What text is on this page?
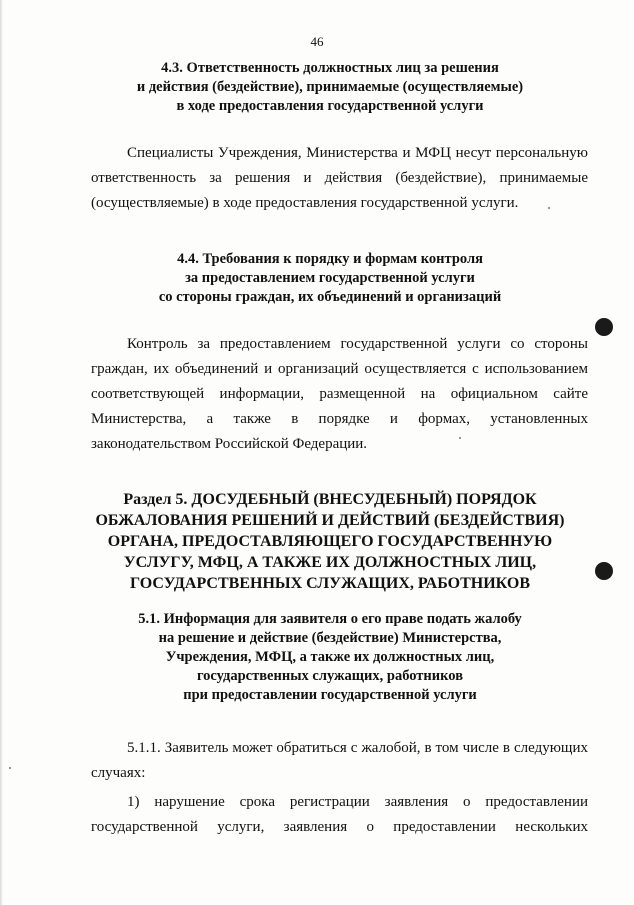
46
4.3. Ответственность должностных лиц за решения
и действия (бездействие), принимаемые (осуществляемые)
в ходе предоставления государственной услуги
Специалисты Учреждения, Министерства и МФЦ несут персональную
ответственность за решения и действия (бездействие), принимаемые
(осуществляемые) в ходе предоставления государственной услуги.
4.4. Требования к порядку и формам контроля
за предоставлением государственной услуги
со стороны граждан, их объединений и организаций
Контроль за предоставлением государственной услуги со стороны
граждан, их объединений и организаций осуществляется с использованием
соответствующей информации, размещенной на официальном сайте
Министерства, а также в порядке и формах, установленных
законодательством Российской Федерации.
Раздел 5. ДОСУДЕБНЫЙ (ВНЕСУДЕБНЫЙ) ПОРЯДОК
ОБЖАЛОВАНИЯ РЕШЕНИЙ И ДЕЙСТВИЙ (БЕЗДЕЙСТВИЯ)
ОРГАНА, ПРЕДОСТАВЛЯЮЩЕГО ГОСУДАРСТВЕННУЮ
УСЛУГУ, МФЦ, А ТАКЖЕ ИХ ДОЛЖНОСТНЫХ ЛИЦ,
ГОСУДАРСТВЕННЫХ СЛУЖАЩИХ, РАБОТНИКОВ
5.1. Информация для заявителя о его праве подать жалобу
на решение и действие (бездействие) Министерства,
Учреждения, МФЦ, а также их должностных лиц,
государственных служащих, работников
при предоставлении государственной услуги
5.1.1. Заявитель может обратиться с жалобой, в том числе в следующих
случаях:
1) нарушение срока регистрации заявления о предоставлении
государственной услуги, заявления о предоставлении нескольких
